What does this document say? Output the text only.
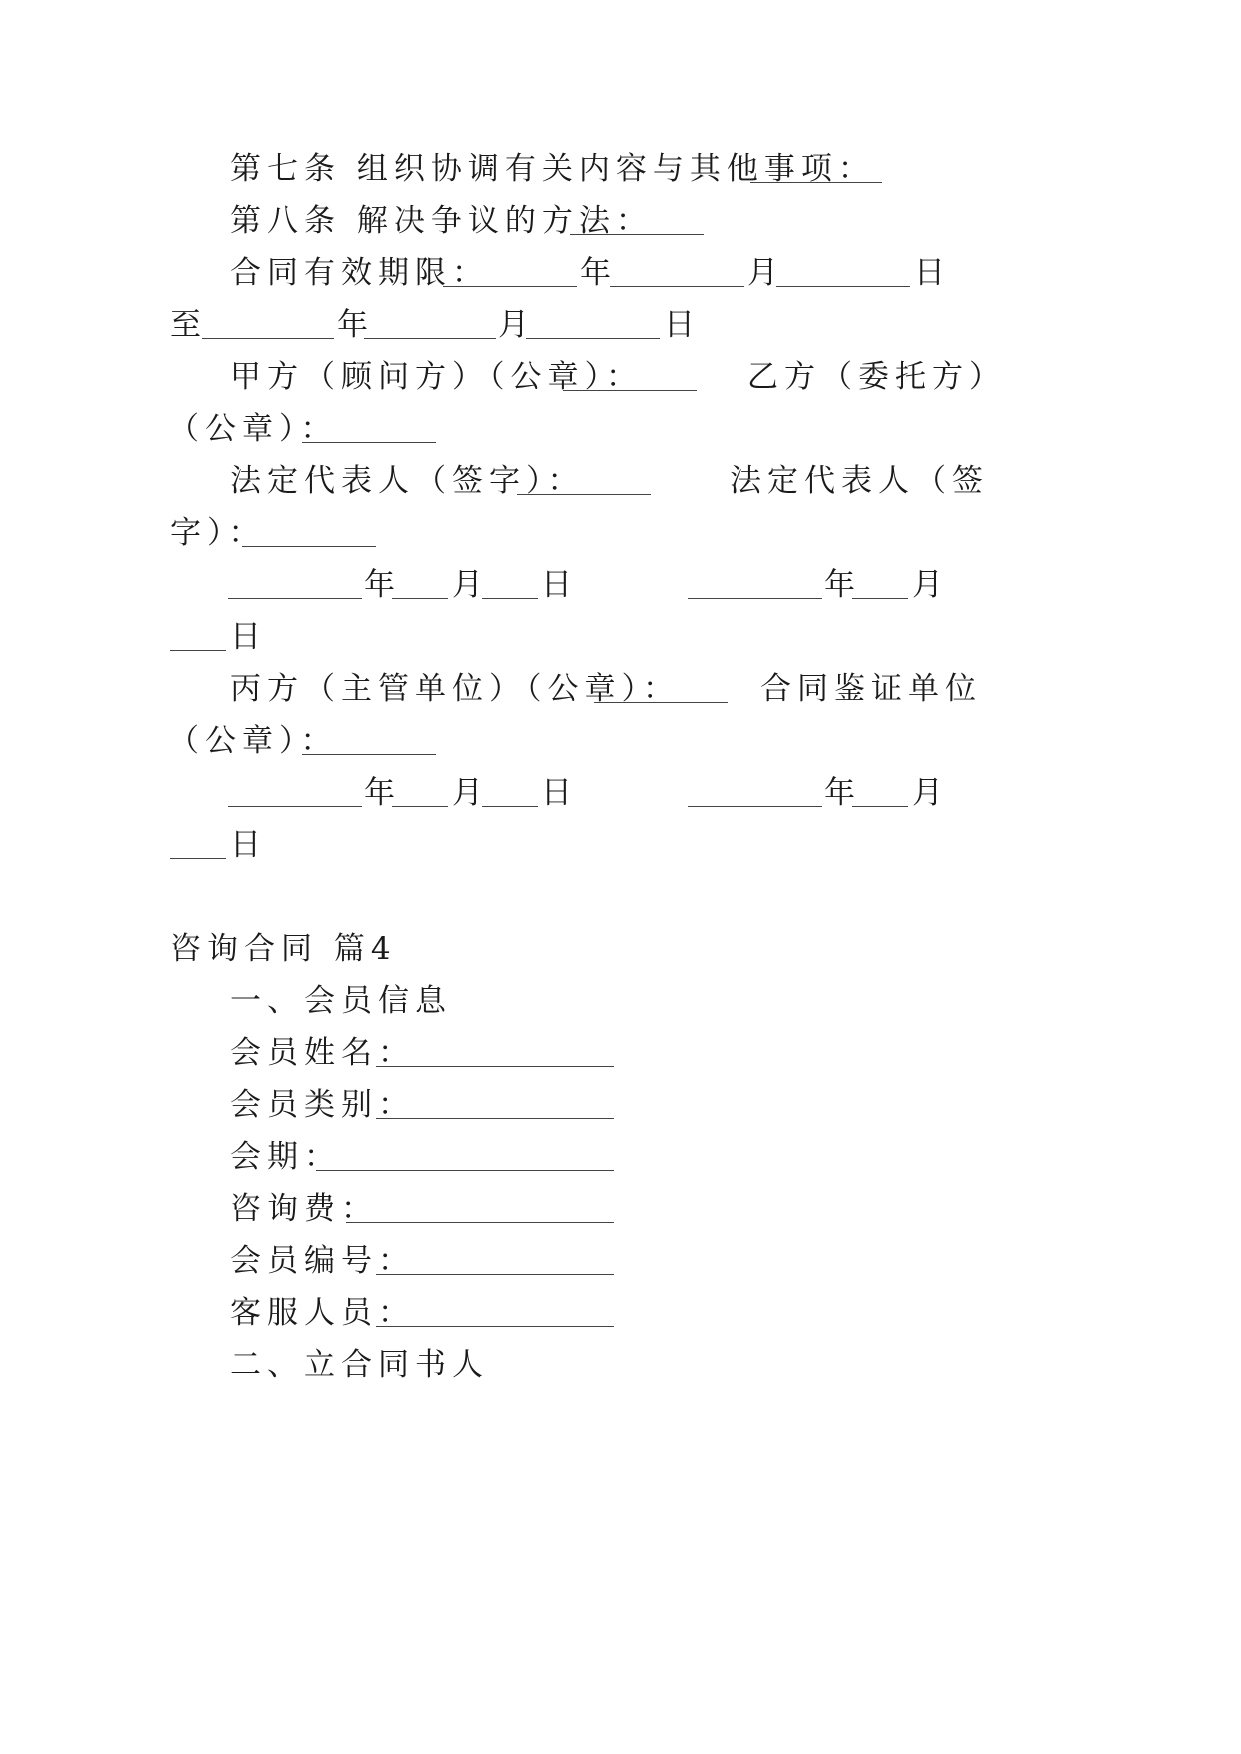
第七条 组织协调有关内容与其他事项：
第八条 解决争议的方法：
合同有效期限：	年	月	日
至	年	月	日
甲方（顾问方）（公章）：	乙方（委托方）
（公章）：
法定代表人（签字）：	法定代表人（签
字）：
年 月 日	年 月
日
丙方（主管单位）（公章）：	合同鉴证单位
（公章）：
年 月 日	年 月
日
咨询合同 篇4
一、会员信息
会员姓名：
会员类别：
会期：
咨询费：
会员编号：
客服人员：
二、立合同书人
